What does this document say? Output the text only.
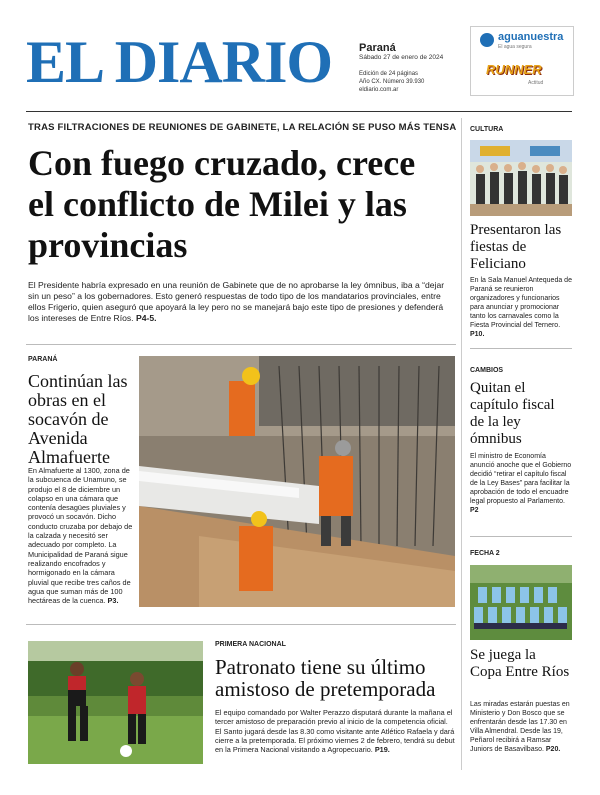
EL DIARIO Paraná
Sábado 27 de enero de 2024
Edición de 24 páginas
Año CX. Número 39.930
eldiario.com.ar
aguanuestra
El agua segura
RUNNER
Actitud
TRAS FILTRACIONES DE REUNIONES DE GABINETE, LA RELACIÓN SE PUSO MÁS TENSA
Con fuego cruzado, crece el conflicto de Milei y las provincias
El Presidente habría expresado en una reunión de Gabinete que de no aprobarse la ley ómnibus, iba a “dejar sin un peso” a los gobernadores. Esto generó respuestas de todo tipo de los mandatarios provinciales, entre ellos Frigerio, quien aseguró que apoyará la ley pero no se manejará bajo este tipo de presiones y defenderá los intereses de Entre Ríos. P4-5.
PARANÁ
Continúan las obras en el socavón de Avenida Almafuerte
En Almafuerte al 1300, zona de la subcuenca de Unamuno, se produjo el 8 de diciembre un colapso en una cámara que contenía desagües pluviales y provocó un socavón. Dicho conducto cruzaba por debajo de la calzada y necesitó ser adecuado por completo. La Municipalidad de Paraná sigue realizando encofrados y hormigonado en la cámara pluvial que recibe tres caños de agua que suman más de 100 hectáreas de la cuenca. P3.
PRIMERA NACIONAL
Patronato tiene su último amistoso de pretemporada
El equipo comandado por Walter Perazzo disputará durante la mañana el tercer amistoso de preparación previo al inicio de la competencia oficial. El Santo jugará desde las 8.30 como visitante ante Atlético Rafaela y dará cierre a la pretemporada. El próximo viernes 2 de febrero, tendrá su debut en la Primera Nacional visitando a Agropecuario. P19.
CULTURA
Presentaron las fiestas de Feliciano
En la Sala Manuel Antequeda de Paraná se reunieron organizadores y funcionarios para anunciar y promocionar tanto los carnavales como la Fiesta Provincial del Ternero. P10.
CAMBIOS
Quitan el capítulo fiscal de la ley ómnibus
El ministro de Economía anunció anoche que el Gobierno decidió “retirar el capítulo fiscal de la Ley Bases” para facilitar la aprobación de todo el encuadre legal propuesto al Parlamento. P2
FECHA 2
Se juega la Copa Entre Ríos
Las miradas estarán puestas en Ministerio y Don Bosco que se enfrentarán desde las 17.30 en Villa Almendral. Desde las 19, Peñarol recibirá a Ramsar Juniors de Basavilbaso. P20.
